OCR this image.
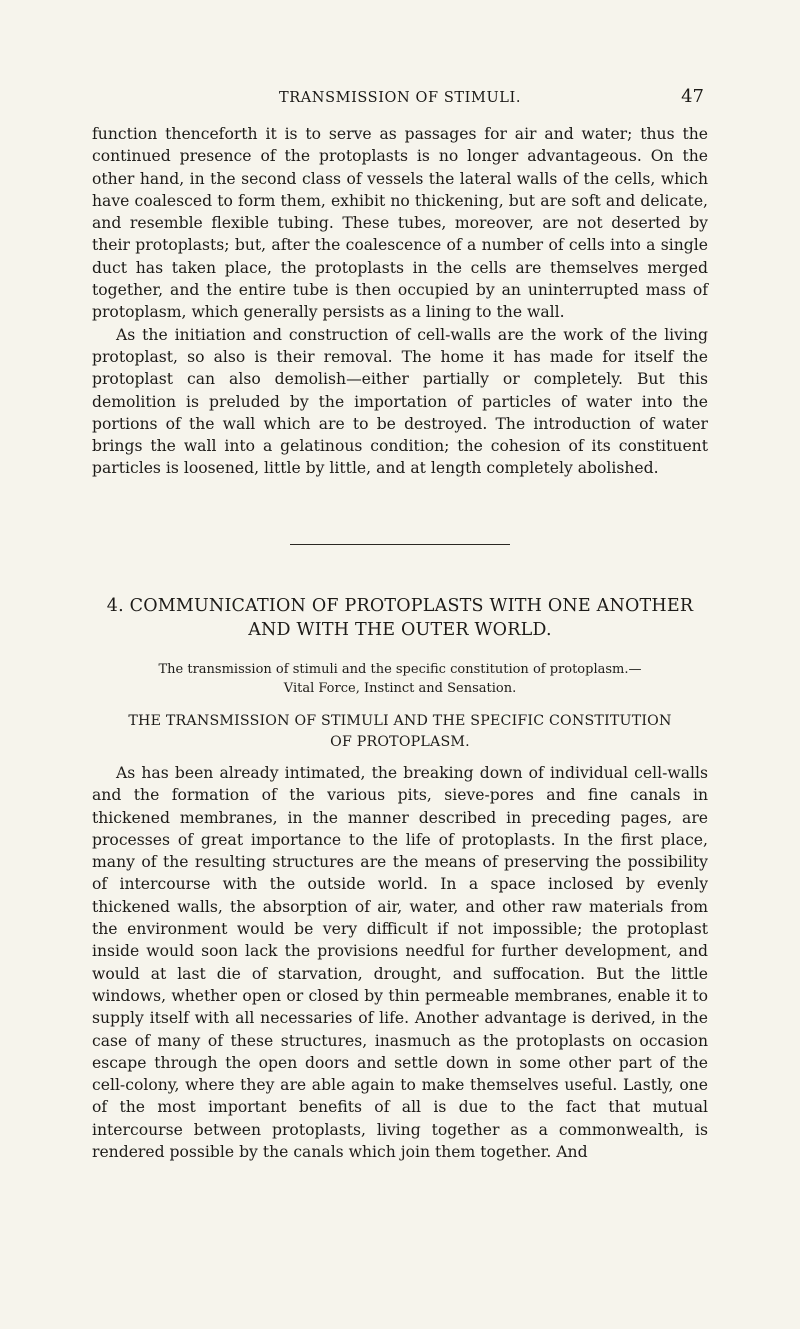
TRANSMISSION OF STIMULI.	47

function thenceforth it is to serve as passages for air and water; thus the continued presence of the protoplasts is no longer advantageous. On the other hand, in the second class of vessels the lateral walls of the cells, which have coalesced to form them, exhibit no thickening, but are soft and delicate, and resemble flexible tubing. These tubes, moreover, are not deserted by their protoplasts; but, after the coalescence of a number of cells into a single duct has taken place, the protoplasts in the cells are themselves merged together, and the entire tube is then occupied by an uninterrupted mass of protoplasm, which generally persists as a lining to the wall.

As the initiation and construction of cell-walls are the work of the living protoplast, so also is their removal. The home it has made for itself the protoplast can also demolish—either partially or completely. But this demolition is preluded by the importation of particles of water into the portions of the wall which are to be destroyed. The introduction of water brings the wall into a gelatinous condition; the cohesion of its constituent particles is loosened, little by little, and at length completely abolished.

4. COMMUNICATION OF PROTOPLASTS WITH ONE ANOTHER

AND WITH THE OUTER WORLD.

The transmission of stimuli and the specific constitution of protoplasm.—

Vital Force, Instinct and Sensation.

THE TRANSMISSION OF STIMULI AND THE SPECIFIC CONSTITUTION

OF PROTOPLASM.

As has been already intimated, the breaking down of individual cell-walls and the formation of the various pits, sieve-pores and fine canals in thickened membranes, in the manner described in preceding pages, are processes of great importance to the life of protoplasts. In the first place, many of the resulting structures are the means of preserving the possibility of intercourse with the outside world. In a space inclosed by evenly thickened walls, the absorption of air, water, and other raw materials from the environment would be very difficult if not impossible; the protoplast inside would soon lack the provisions needful for further development, and would at last die of starvation, drought, and suffocation. But the little windows, whether open or closed by thin permeable membranes, enable it to supply itself with all necessaries of life. Another advantage is derived, in the case of many of these structures, inasmuch as the protoplasts on occasion escape through the open doors and settle down in some other part of the cell-colony, where they are able again to make themselves useful. Lastly, one of the most important benefits of all is due to the fact that mutual intercourse between protoplasts, living together as a commonwealth, is rendered possible by the canals which join them together. And
